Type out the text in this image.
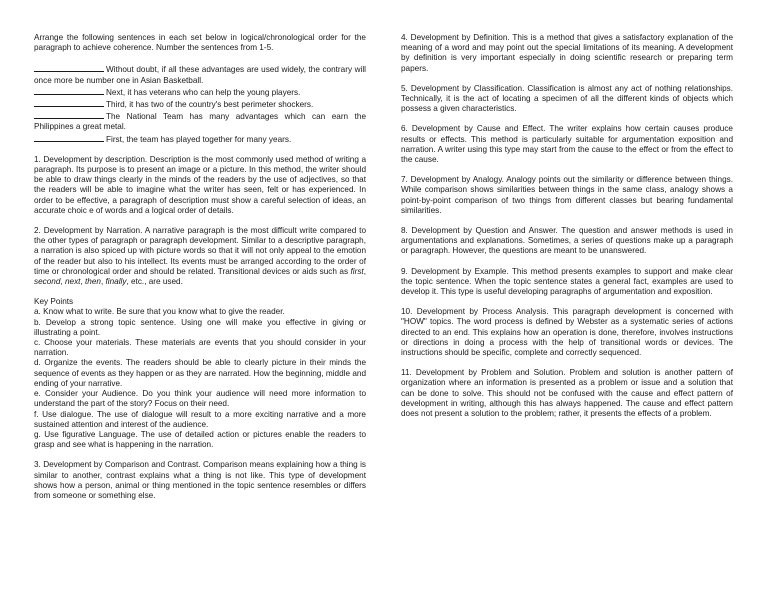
Arrange the following sentences in each set below in logical/chronological order for the paragraph to achieve coherence. Number the sentences from 1-5.

Without doubt, if all these advantages are used widely, the contrary will once more be number one in Asian Basketball.

Next, it has veterans who can help the young players.

Third, it has two of the country's best perimeter shockers.

The National Team has many advantages which can earn the Philippines a great metal.

First, the team has played together for many years.

1. Development by description. Description is the most commonly used method of writing a paragraph. Its purpose is to present an image or a picture. In this method, the writer should be able to draw things clearly in the minds of the readers by the use of adjectives, so that the readers will be able to imagine what the writer has seen, felt or has experienced. In order to be effective, a paragraph of description must show a careful selection of ideas, an accurate choic e of words and a logical order of details.

2. Development by Narration. A narrative paragraph is the most difficult write compared to the other types of paragraph or paragraph development. Similar to a descriptive paragraph, a narration is also spiced up with picture words so that it will not only appeal to the emotion of the reader but also to his intellect. Its events must be arranged according to the order of time or chronological order and should be related. Transitional devices or aids such as first, second, next, then, finally, etc., are used.

Key Points

a. Know what to write. Be sure that you know what to give the reader.

b. Develop a strong topic sentence. Using one will make you effective in giving or illustrating a point.

c. Choose your materials. These materials are events that you should consider in your narration.

d. Organize the events. The readers should be able to clearly picture in their minds the sequence of events as they happen or as they are narrated. How the beginning, middle and ending of your narrative.

e. Consider your Audience. Do you think your audience will need more information to understand the part of the story? Focus on their need.

f. Use dialogue. The use of dialogue will result to a more exciting narrative and a more sustained attention and interest of the audience.

g. Use figurative Language. The use of detailed action or pictures enable the readers to grasp and see what is happening in the narration.

3. Development by Comparison and Contrast. Comparison means explaining how a thing is similar to another, contrast explains what a thing is not like. This type of development shows how a person, animal or thing mentioned in the topic sentence resembles or differs from someone or something else.

4. Development by Definition. This is a method that gives a satisfactory explanation of the meaning of a word and may point out the special limitations of its meaning. A development by definition is very important especially in doing scientific research or preparing term papers.

5. Development by Classification. Classification is almost any act of nothing relationships. Technically, it is the act of locating a specimen of all the different kinds of objects which possess a given characteristics.

6. Development by Cause and Effect. The writer explains how certain causes produce results or effects. This method is particularly suitable for argumentation exposition and narration. A writer using this type may start from the cause to the effect or from the effect to the cause.

7. Development by Analogy. Analogy points out the similarity or difference between things. While comparison shows similarities between things in the same class, analogy shows a point-by-point comparison of two things from different classes but bearing fundamental similarities.

8. Development by Question and Answer. The question and answer methods is used in argumentations and explanations. Sometimes, a series of questions make up a paragraph or paragraph. However, the questions are meant to be unanswered.

9. Development by Example. This method presents examples to support and make clear the topic sentence. When the topic sentence states a general fact, examples are used to develop it. This type is useful developing paragraphs of argumentation and exposition.

10. Development by Process Analysis. This paragraph development is concerned with "HOW" topics. The word process is defined by Webster as a systematic series of actions directed to an end. This explains how an operation is done, therefore, involves instructions or directions in doing a process with the help of transitional words or devices. The instructions should be specific, complete and correctly sequenced.

11. Development by Problem and Solution. Problem and solution is another pattern of organization where an information is presented as a problem or issue and a solution that can be done to solve. This should not be confused with the cause and effect pattern of development in writing, although this has always happened. The cause and effect pattern does not present a solution to the problem; rather, it presents the effects of a problem.
